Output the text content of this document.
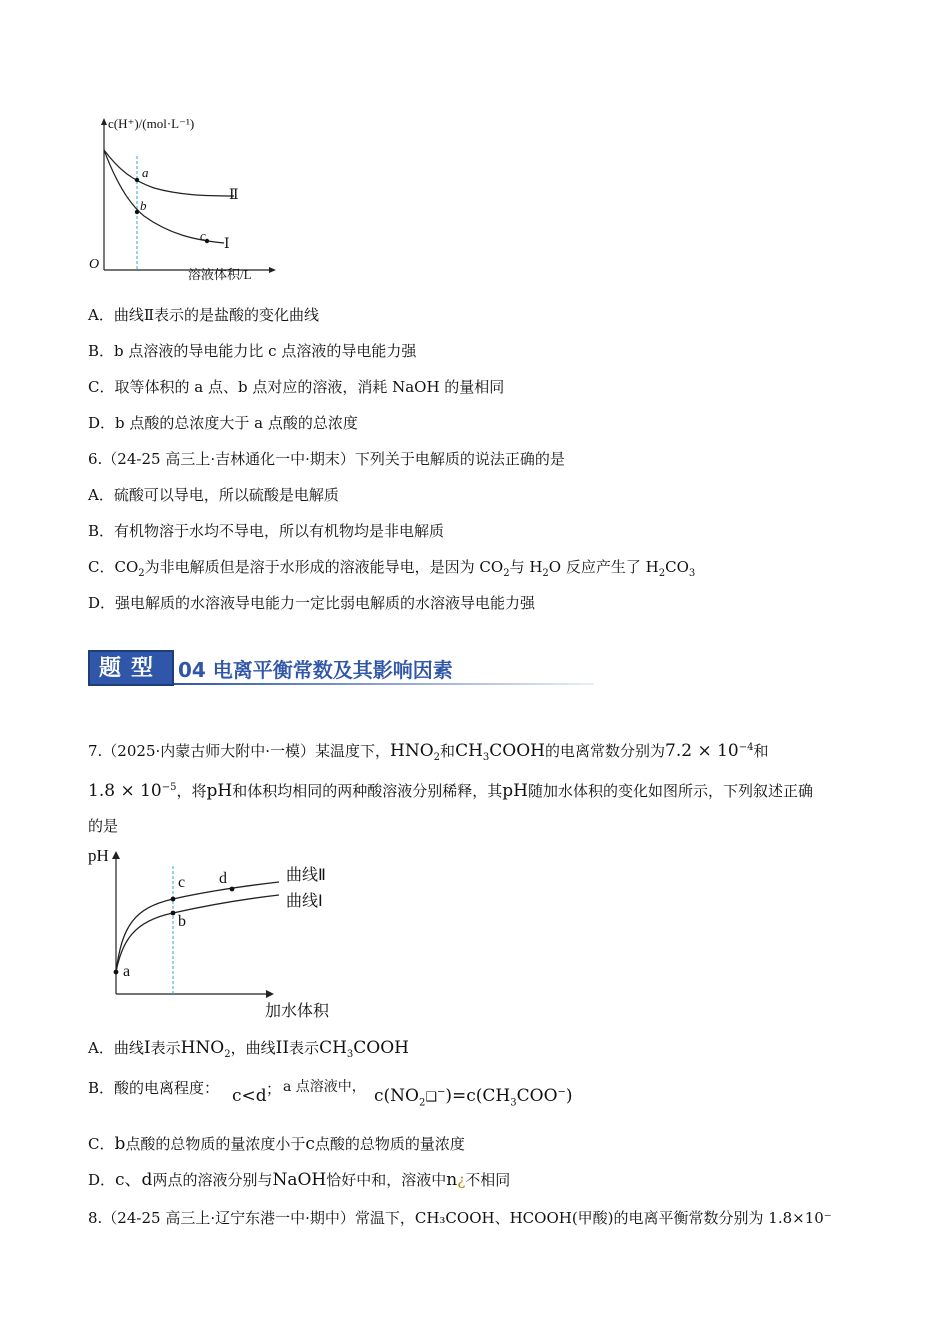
c(H⁺)/(mol·L⁻¹)
溶液体积/L
O
a
b
c
Ⅱ
Ⅰ
A．曲线Ⅱ表示的是盐酸的变化曲线
B．b 点溶液的导电能力比 c 点溶液的导电能力强
C．取等体积的 a 点、b 点对应的溶液，消耗 NaOH 的量相同
D．b 点酸的总浓度大于 a 点酸的总浓度
6.（24-25 高三上·吉林通化一中·期末）下列关于电解质的说法正确的是
A．硫酸可以导电，所以硫酸是电解质
B．有机物溶于水均不导电，所以有机物均是非电解质
C．$CO_2$为非电解质但是溶于水形成的溶液能导电，是因为 $CO_2$与 $H_2O$ 反应产生了 $H_2CO_3$
D．强电解质的水溶液导电能力一定比弱电解质的水溶液导电能力强
题型 04 电离平衡常数及其影响因素
7.（2025·内蒙古师大附中·一模）某温度下，$HNO_2$和$CH_3COOH$的电离常数分别为$7.2 \times 10^{-4}$和
$1.8 \times 10^{-5}$，将pH和体积均相同的两种酸溶液分别稀释，其pH随加水体积的变化如图所示，下列叙述正确
的是
pH
加水体积
a
b
c d	曲线Ⅱ
曲线Ⅰ
A．曲线I表示$HNO_2$，曲线II表示$CH_3COOH$
B．酸的电离程度： c<d ； a 点溶液中， $c(NO_2❑^-)=c(CH_3COO^-)$
C．b点酸的总物质的量浓度小于c点酸的总物质的量浓度
D．c、d两点的溶液分别与NaOH恰好中和，溶液中n¿不相同
8.（24-25 高三上·辽宁东港一中·期中）常温下，CH₃COOH、HCOOH(甲酸)的电离平衡常数分别为 1.8×10⁻
